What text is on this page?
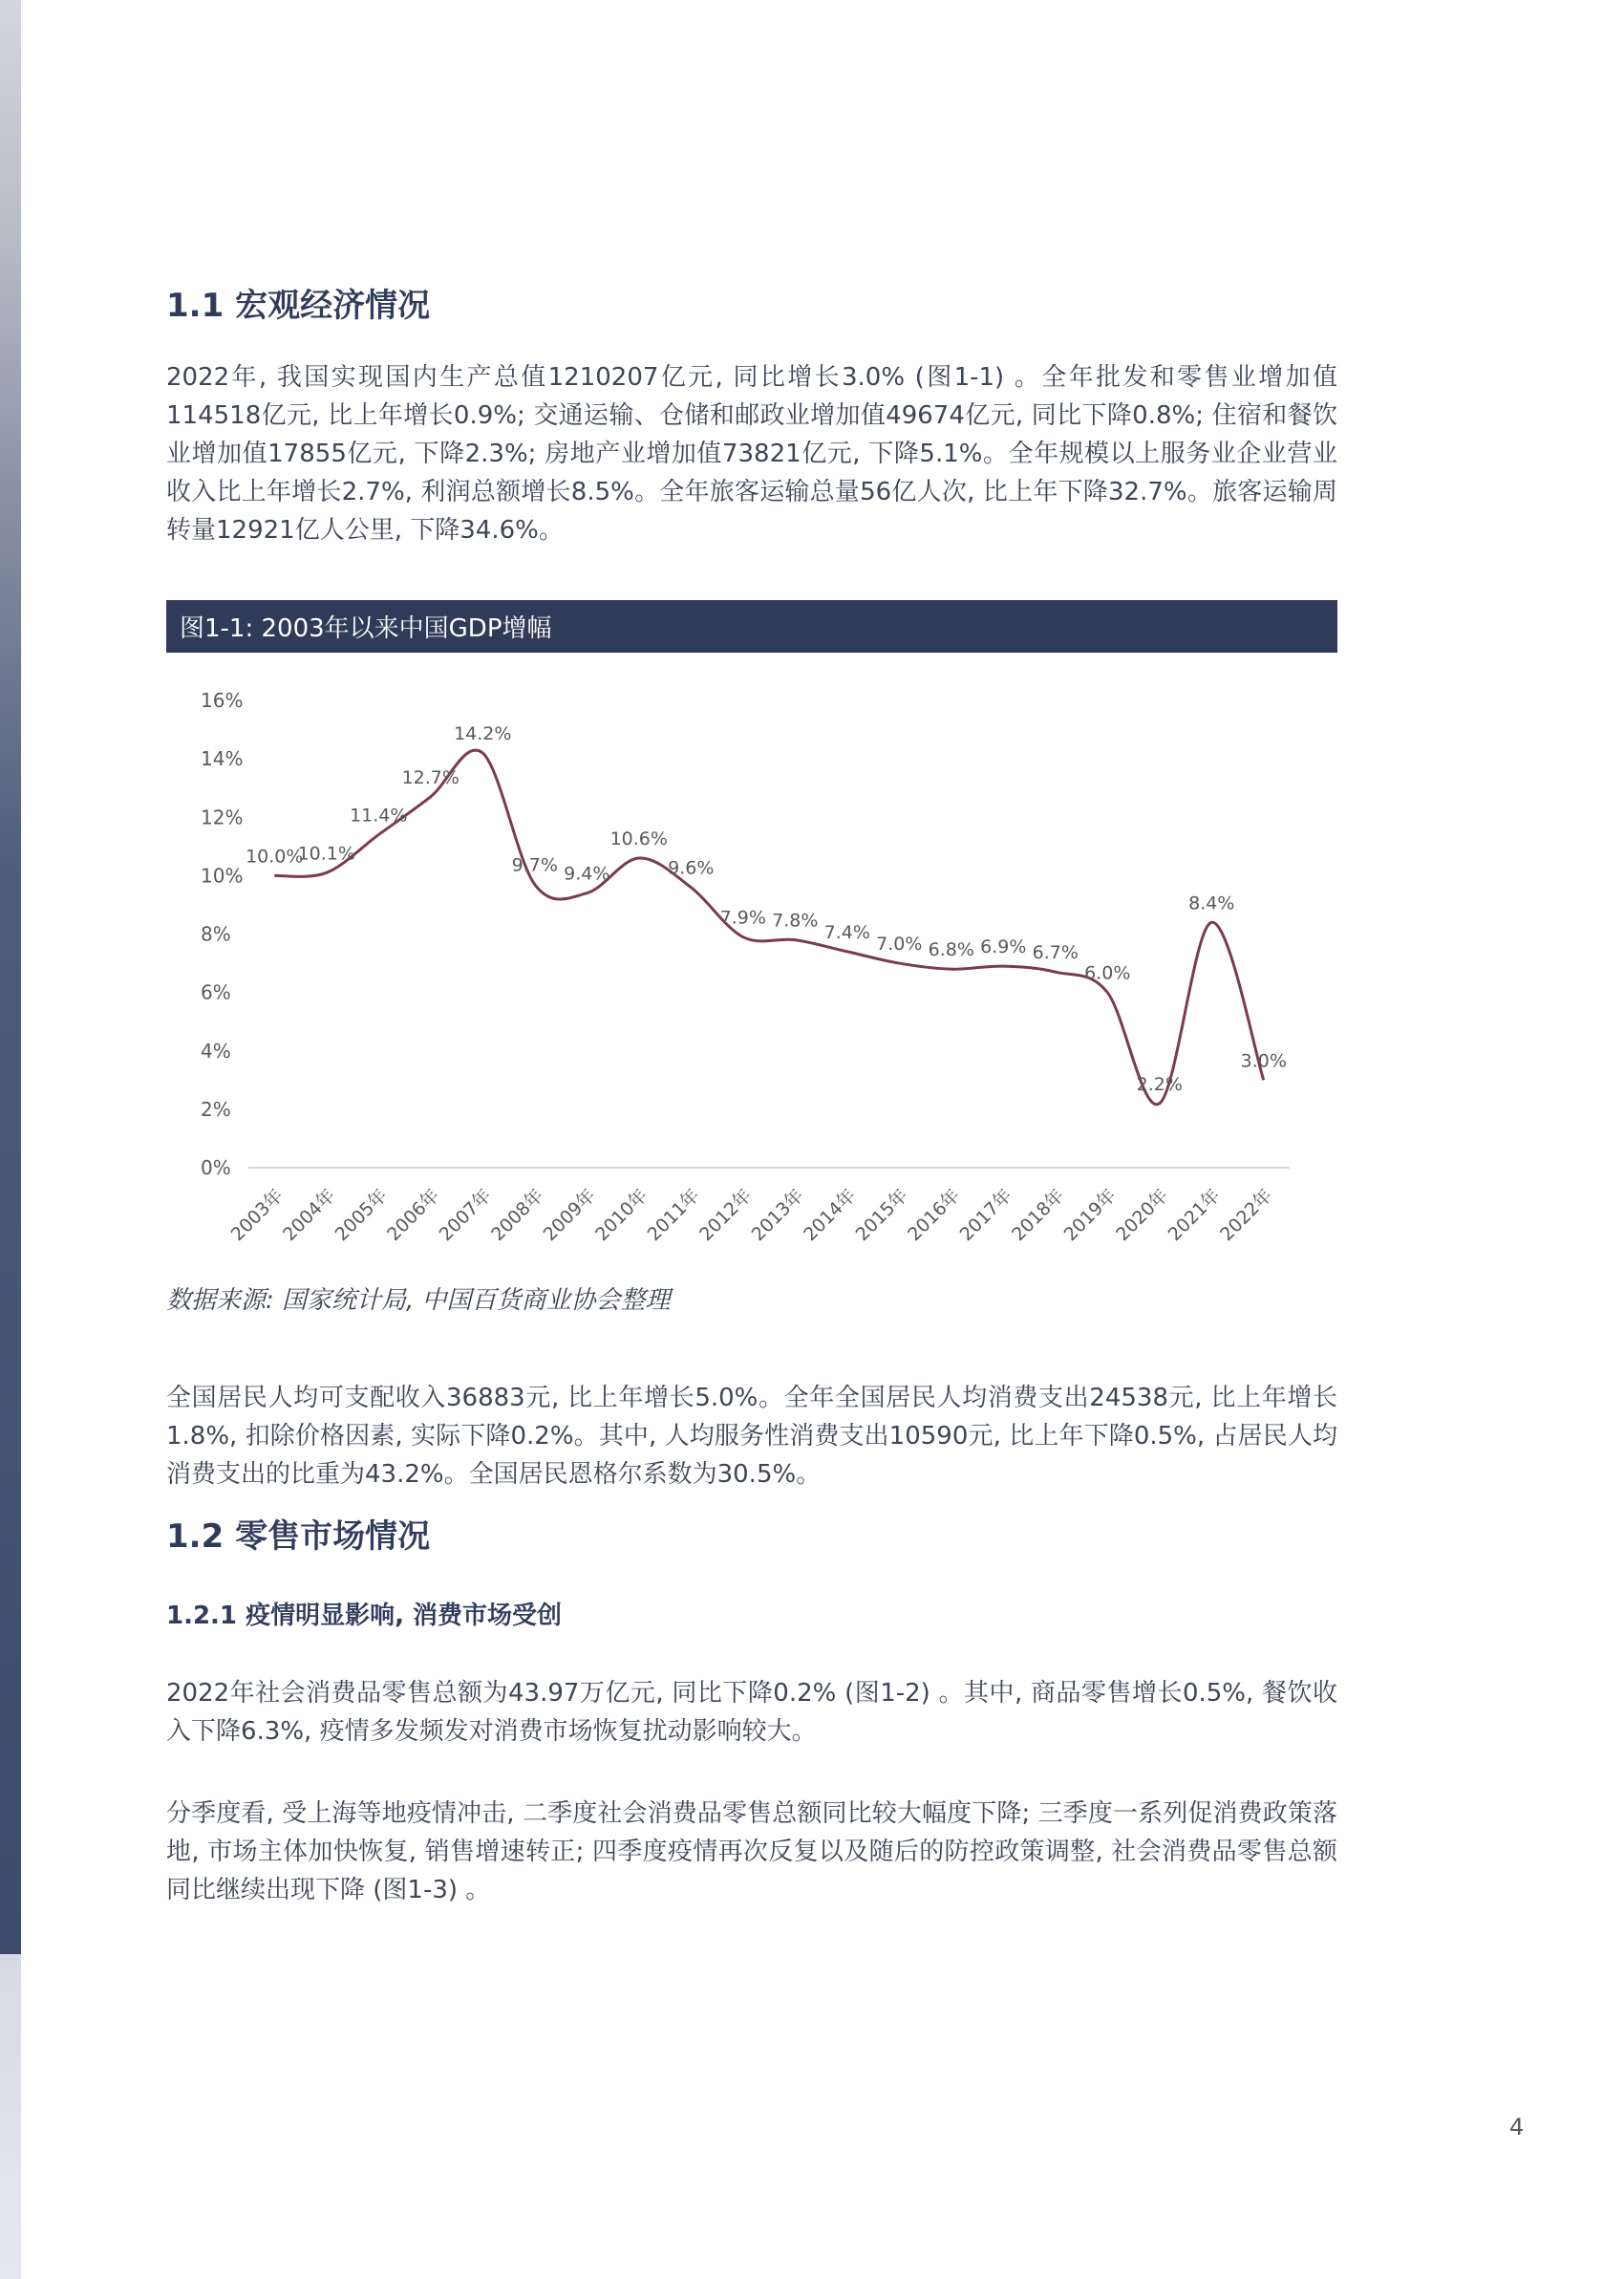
1.1 宏观经济情况

2022年, 我国实现国内生产总值1210207亿元, 同比增长3.0% (图1-1) 。全年批发和零售业增加值114518亿元, 比上年增长0.9%; 交通运输、仓储和邮政业增加值49674亿元, 同比下降0.8%; 住宿和餐饮业增加值17855亿元, 下降2.3%; 房地产业增加值73821亿元, 下降5.1%。全年规模以上服务业企业营业收入比上年增长2.7%, 利润总额增长8.5%。全年旅客运输总量56亿人次, 比上年下降32.7%。旅客运输周转量12921亿人公里, 下降34.6%。

图1-1: 2003年以来中国GDP增幅
0%
2%
4%
6%
8%
10%
12%
14%
16%
10.0%
10.1%
11.4%
12.7%
14.2%
9.7% 9.4%
10.6%
9.6%
7.9% 7.8%
7.4%
7.0% 6.8% 6.9% 6.7%
6.0%
2.2%
8.4%
3.0%
2003年
2004年
2005年
2006年
2007年
2008年
2009年
2010年
2011年
2012年
2013年
2014年
2015年
2016年
2017年
2018年
2019年
2020年
2021年
2022年

数据来源: 国家统计局, 中国百货商业协会整理

全国居民人均可支配收入36883元, 比上年增长5.0%。全年全国居民人均消费支出24538元, 比上年增长1.8%, 扣除价格因素, 实际下降0.2%。其中, 人均服务性消费支出10590元, 比上年下降0.5%, 占居民人均消费支出的比重为43.2%。全国居民恩格尔系数为30.5%。

1.2 零售市场情况
1.2.1 疫情明显影响, 消费市场受创

2022年社会消费品零售总额为43.97万亿元, 同比下降0.2% (图1-2) 。其中, 商品零售增长0.5%, 餐饮收入下降6.3%, 疫情多发频发对消费市场恢复扰动影响较大。

分季度看, 受上海等地疫情冲击, 二季度社会消费品零售总额同比较大幅度下降; 三季度一系列促消费政策落地, 市场主体加快恢复, 销售增速转正; 四季度疫情再次反复以及随后的防控政策调整, 社会消费品零售总额同比继续出现下降 (图1-3) 。

4
